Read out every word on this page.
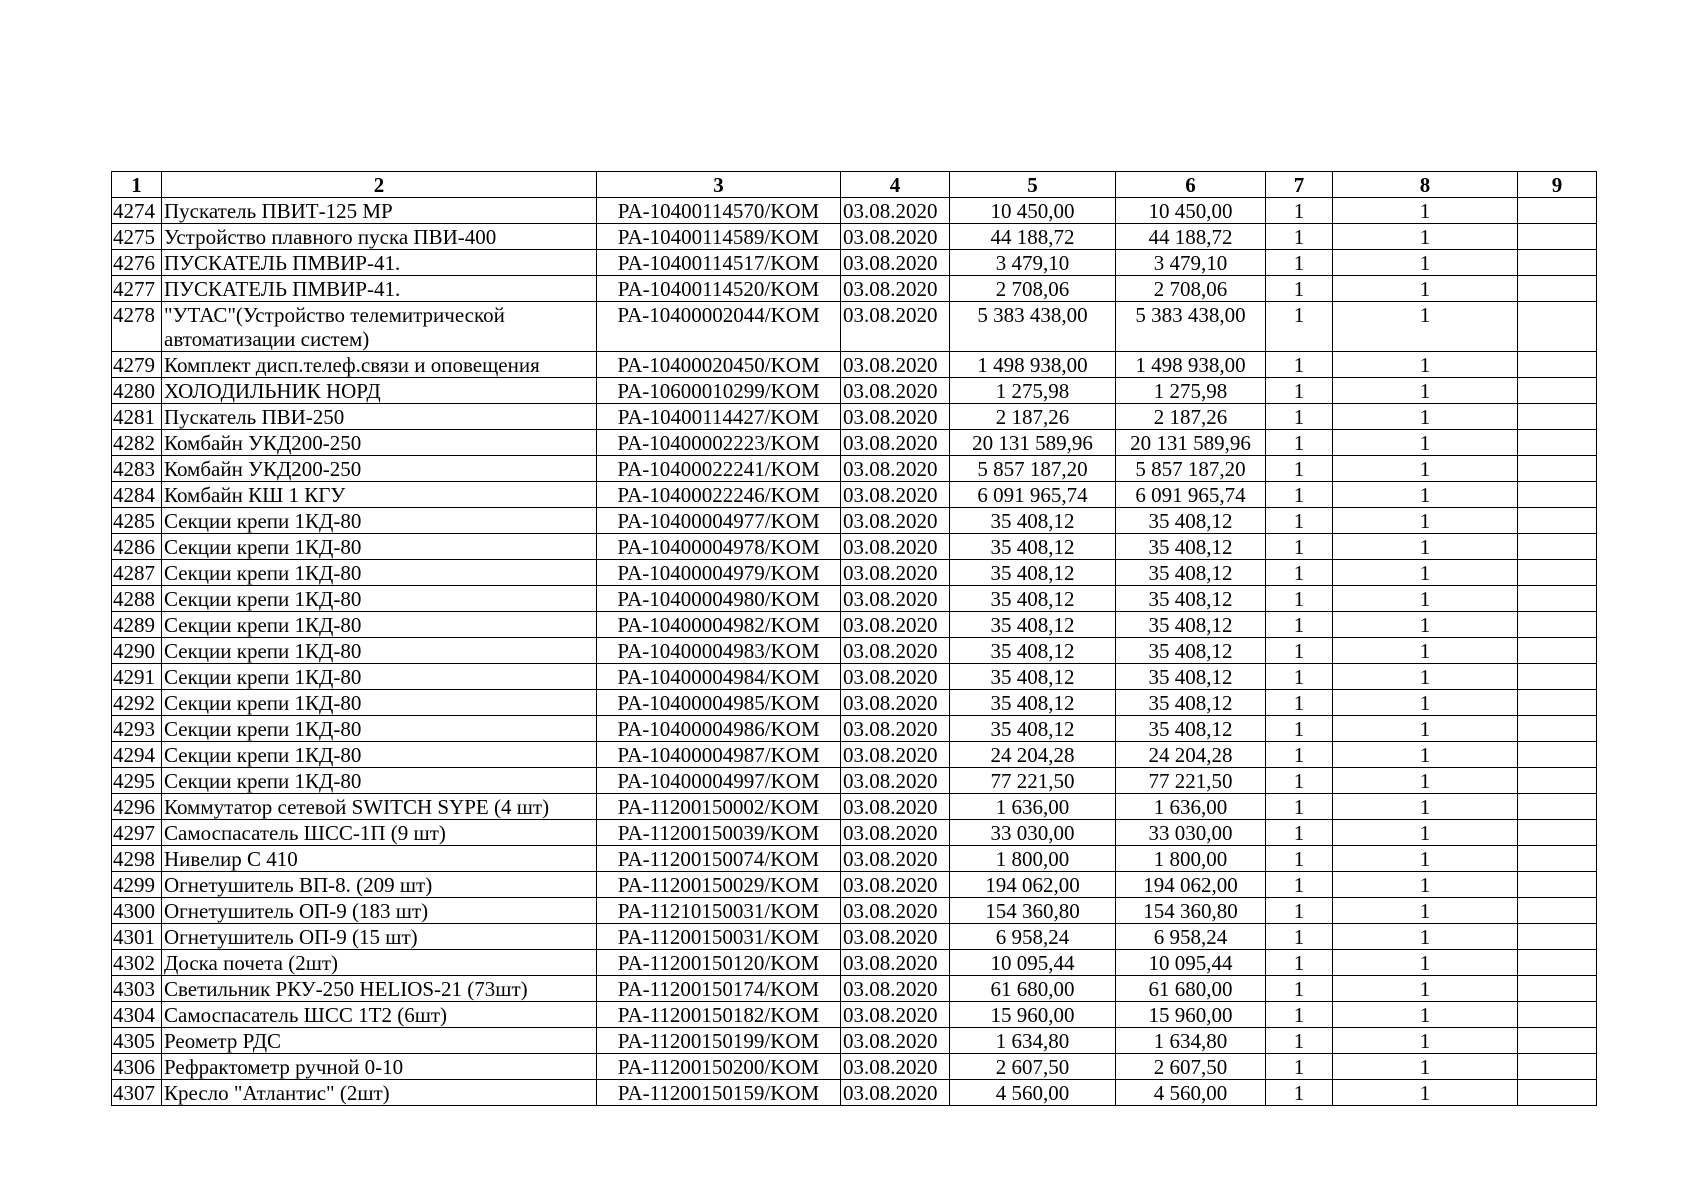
1	2	3	4	5	6	7	8	9
4274	Пускатель ПВИТ-125 МР	PA-10400114570/KOM	03.08.2020	10 450,00	10 450,00	1	1	
4275	Устройство плавного пуска ПВИ-400	PA-10400114589/KOM	03.08.2020	44 188,72	44 188,72	1	1	
4276	ПУСКАТЕЛЬ ПМВИР-41.	PA-10400114517/KOM	03.08.2020	3 479,10	3 479,10	1	1	
4277	ПУСКАТЕЛЬ ПМВИР-41.	PA-10400114520/KOM	03.08.2020	2 708,06	2 708,06	1	1	
4278	"УТАС"(Устройство телемитрической автоматизации систем)	PA-10400002044/KOM	03.08.2020	5 383 438,00	5 383 438,00	1	1	
4279	Комплект дисп.телеф.связи и оповещения	PA-10400020450/KOM	03.08.2020	1 498 938,00	1 498 938,00	1	1	
4280	ХОЛОДИЛЬНИК НОРД	PA-10600010299/KOM	03.08.2020	1 275,98	1 275,98	1	1	
4281	Пускатель ПВИ-250	PA-10400114427/KOM	03.08.2020	2 187,26	2 187,26	1	1	
4282	Комбайн УКД200-250	PA-10400002223/KOM	03.08.2020	20 131 589,96	20 131 589,96	1	1	
4283	Комбайн УКД200-250	PA-10400022241/KOM	03.08.2020	5 857 187,20	5 857 187,20	1	1	
4284	Комбайн КШ 1 КГУ	PA-10400022246/KOM	03.08.2020	6 091 965,74	6 091 965,74	1	1	
4285	Секции крепи 1КД-80	PA-10400004977/KOM	03.08.2020	35 408,12	35 408,12	1	1	
4286	Секции крепи 1КД-80	PA-10400004978/KOM	03.08.2020	35 408,12	35 408,12	1	1	
4287	Секции крепи 1КД-80	PA-10400004979/KOM	03.08.2020	35 408,12	35 408,12	1	1	
4288	Секции крепи 1КД-80	PA-10400004980/KOM	03.08.2020	35 408,12	35 408,12	1	1	
4289	Секции крепи 1КД-80	PA-10400004982/KOM	03.08.2020	35 408,12	35 408,12	1	1	
4290	Секции крепи 1КД-80	PA-10400004983/KOM	03.08.2020	35 408,12	35 408,12	1	1	
4291	Секции крепи 1КД-80	PA-10400004984/KOM	03.08.2020	35 408,12	35 408,12	1	1	
4292	Секции крепи 1КД-80	PA-10400004985/KOM	03.08.2020	35 408,12	35 408,12	1	1	
4293	Секции крепи 1КД-80	PA-10400004986/KOM	03.08.2020	35 408,12	35 408,12	1	1	
4294	Секции крепи 1КД-80	PA-10400004987/KOM	03.08.2020	24 204,28	24 204,28	1	1	
4295	Секции крепи 1КД-80	PA-10400004997/KOM	03.08.2020	77 221,50	77 221,50	1	1	
4296	Коммутатор сетевой SWITCH SYPE (4 шт)	PA-11200150002/KOM	03.08.2020	1 636,00	1 636,00	1	1	
4297	Самоспасатель ШСС-1П (9 шт)	PA-11200150039/KOM	03.08.2020	33 030,00	33 030,00	1	1	
4298	Нивелир С 410	PA-11200150074/KOM	03.08.2020	1 800,00	1 800,00	1	1	
4299	Огнетушитель ВП-8. (209 шт)	PA-11200150029/KOM	03.08.2020	194 062,00	194 062,00	1	1	
4300	Огнетушитель ОП-9 (183 шт)	PA-11210150031/KOM	03.08.2020	154 360,80	154 360,80	1	1	
4301	Огнетушитель ОП-9 (15 шт)	PA-11200150031/KOM	03.08.2020	6 958,24	6 958,24	1	1	
4302	Доска почета (2шт)	PA-11200150120/KOM	03.08.2020	10 095,44	10 095,44	1	1	
4303	Светильник РКУ-250 HELIOS-21 (73шт)	PA-11200150174/KOM	03.08.2020	61 680,00	61 680,00	1	1	
4304	Самоспасатель ШСС 1Т2 (6шт)	PA-11200150182/KOM	03.08.2020	15 960,00	15 960,00	1	1	
4305	Реометр РДС	PA-11200150199/KOM	03.08.2020	1 634,80	1 634,80	1	1	
4306	Рефрактометр ручной 0-10	PA-11200150200/KOM	03.08.2020	2 607,50	2 607,50	1	1	
4307	Кресло "Атлантис" (2шт)	PA-11200150159/KOM	03.08.2020	4 560,00	4 560,00	1	1	
